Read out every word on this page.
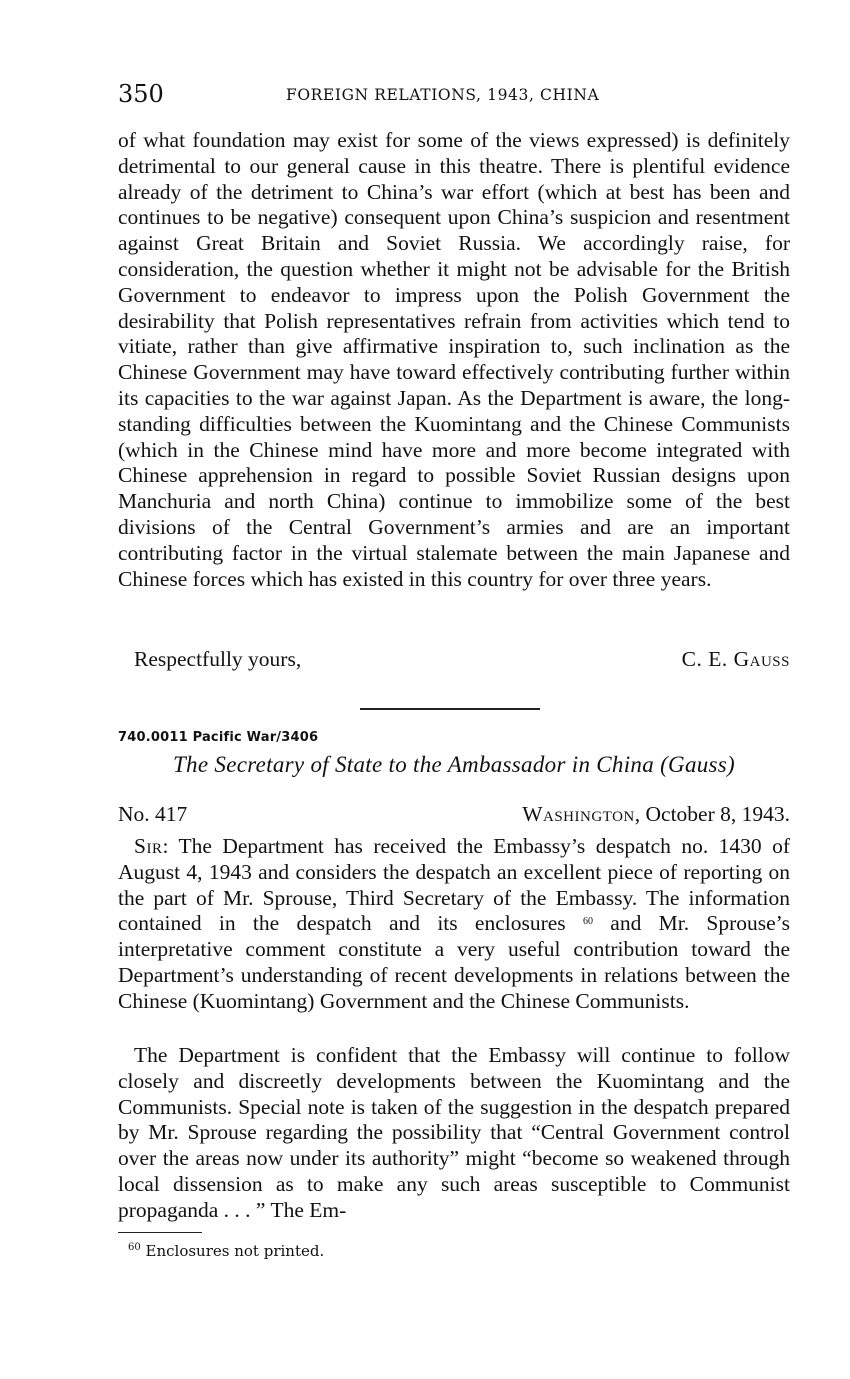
350	FOREIGN RELATIONS, 1943, CHINA

of what foundation may exist for some of the views expressed) is definitely detrimental to our general cause in this theatre. There is plentiful evidence already of the detriment to China’s war effort (which at best has been and continues to be negative) consequent upon China’s suspicion and resentment against Great Britain and Soviet Russia. We accordingly raise, for consideration, the question whether it might not be advisable for the British Government to endeavor to impress upon the Polish Government the desirability that Polish representatives refrain from activities which tend to vitiate, rather than give affirmative inspiration to, such inclination as the Chinese Government may have toward effectively contributing further within its capacities to the war against Japan. As the Department is aware, the long-standing difficulties between the Kuomintang and the Chinese Communists (which in the Chinese mind have more and more become integrated with Chinese apprehension in regard to possible Soviet Russian designs upon Manchuria and north China) continue to immobilize some of the best divisions of the Central Government’s armies and are an important contributing factor in the virtual stalemate between the main Japanese and Chinese forces which has existed in this country for over three years.

Respectfully yours,	C. E. Gauss
740.0011 Pacific War/3406
The Secretary of State to the Ambassador in China (Gauss)
No. 417	Washington, October 8, 1943.

Sir: The Department has received the Embassy’s despatch no. 1430 of August 4, 1943 and considers the despatch an excellent piece of reporting on the part of Mr. Sprouse, Third Secretary of the Embassy. The information contained in the despatch and its enclosures $^{60}$ and Mr. Sprouse’s interpretative comment constitute a very useful contribution toward the Department’s understanding of recent developments in relations between the Chinese (Kuomintang) Government and the Chinese Communists.

The Department is confident that the Embassy will continue to follow closely and discreetly developments between the Kuomintang and the Communists. Special note is taken of the suggestion in the despatch prepared by Mr. Sprouse regarding the possibility that “Central Government control over the areas now under its authority” might “become so weakened through local dissension as to make any such areas susceptible to Communist propaganda . . . ” The Em-

$^{60}$ Enclosures not printed.
